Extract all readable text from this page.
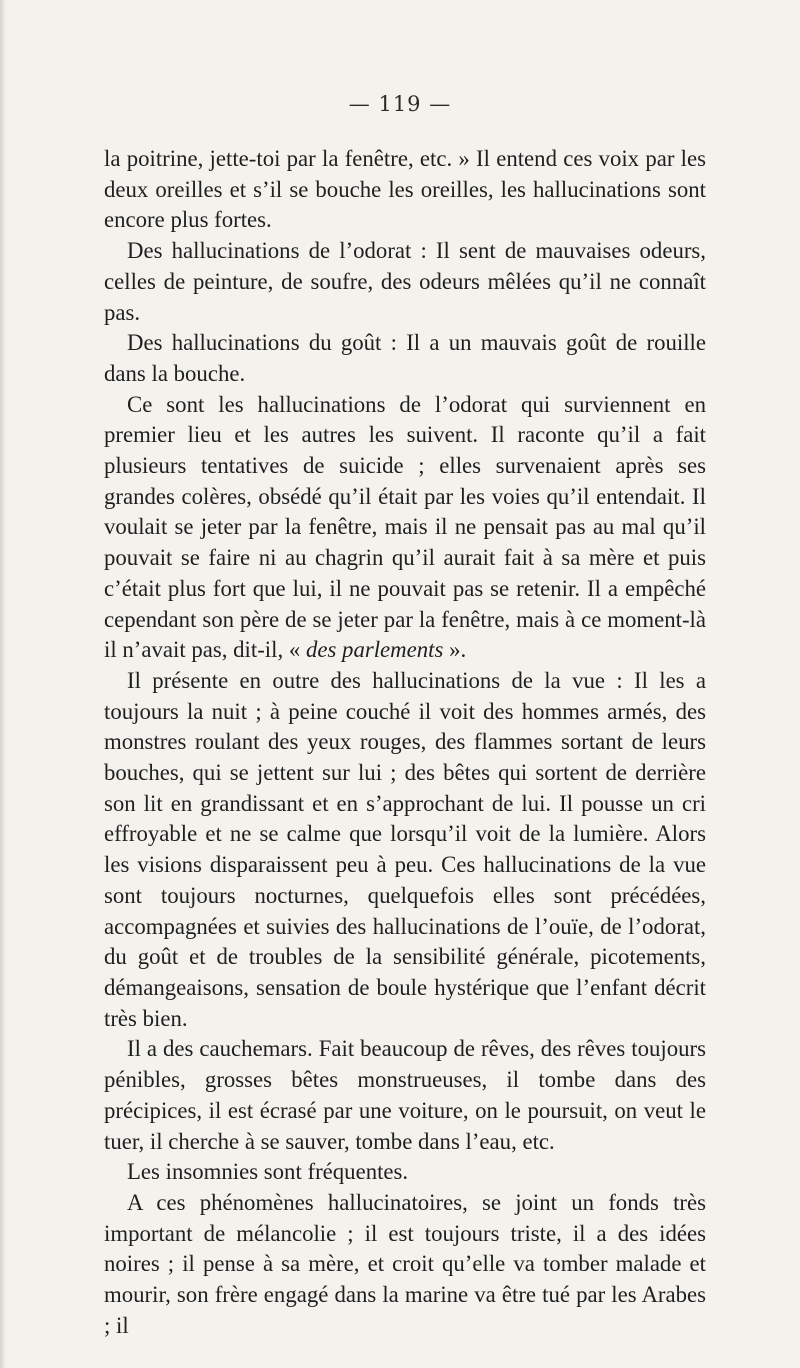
— 119 —

la poitrine, jette-toi par la fenêtre, etc. » Il entend ces voix par les deux oreilles et s’il se bouche les oreilles, les hallucinations sont encore plus fortes.

Des hallucinations de l’odorat : Il sent de mauvaises odeurs, celles de peinture, de soufre, des odeurs mêlées qu’il ne connaît pas.

Des hallucinations du goût : Il a un mauvais goût de rouille dans la bouche.

Ce sont les hallucinations de l’odorat qui surviennent en premier lieu et les autres les suivent. Il raconte qu’il a fait plusieurs tentatives de suicide ; elles survenaient après ses grandes colères, obsédé qu’il était par les voies qu’il entendait. Il voulait se jeter par la fenêtre, mais il ne pensait pas au mal qu’il pouvait se faire ni au chagrin qu’il aurait fait à sa mère et puis c’était plus fort que lui, il ne pouvait pas se retenir. Il a empêché cependant son père de se jeter par la fenêtre, mais à ce moment-là il n’avait pas, dit-il, « des parlements ».

Il présente en outre des hallucinations de la vue : Il les a toujours la nuit ; à peine couché il voit des hommes armés, des monstres roulant des yeux rouges, des flammes sortant de leurs bouches, qui se jettent sur lui ; des bêtes qui sortent de derrière son lit en grandissant et en s’approchant de lui. Il pousse un cri effroyable et ne se calme que lorsqu’il voit de la lumière. Alors les visions disparaissent peu à peu. Ces hallucinations de la vue sont toujours nocturnes, quelquefois elles sont précédées, accompagnées et suivies des hallucinations de l’ouïe, de l’odorat, du goût et de troubles de la sensibilité générale, picotements, démangeaisons, sensation de boule hystérique que l’enfant décrit très bien.

Il a des cauchemars. Fait beaucoup de rêves, des rêves toujours pénibles, grosses bêtes monstrueuses, il tombe dans des précipices, il est écrasé par une voiture, on le poursuit, on veut le tuer, il cherche à se sauver, tombe dans l’eau, etc.

Les insomnies sont fréquentes.

A ces phénomènes hallucinatoires, se joint un fonds très important de mélancolie ; il est toujours triste, il a des idées noires ; il pense à sa mère, et croit qu’elle va tomber malade et mourir, son frère engagé dans la marine va être tué par les Arabes ; il
